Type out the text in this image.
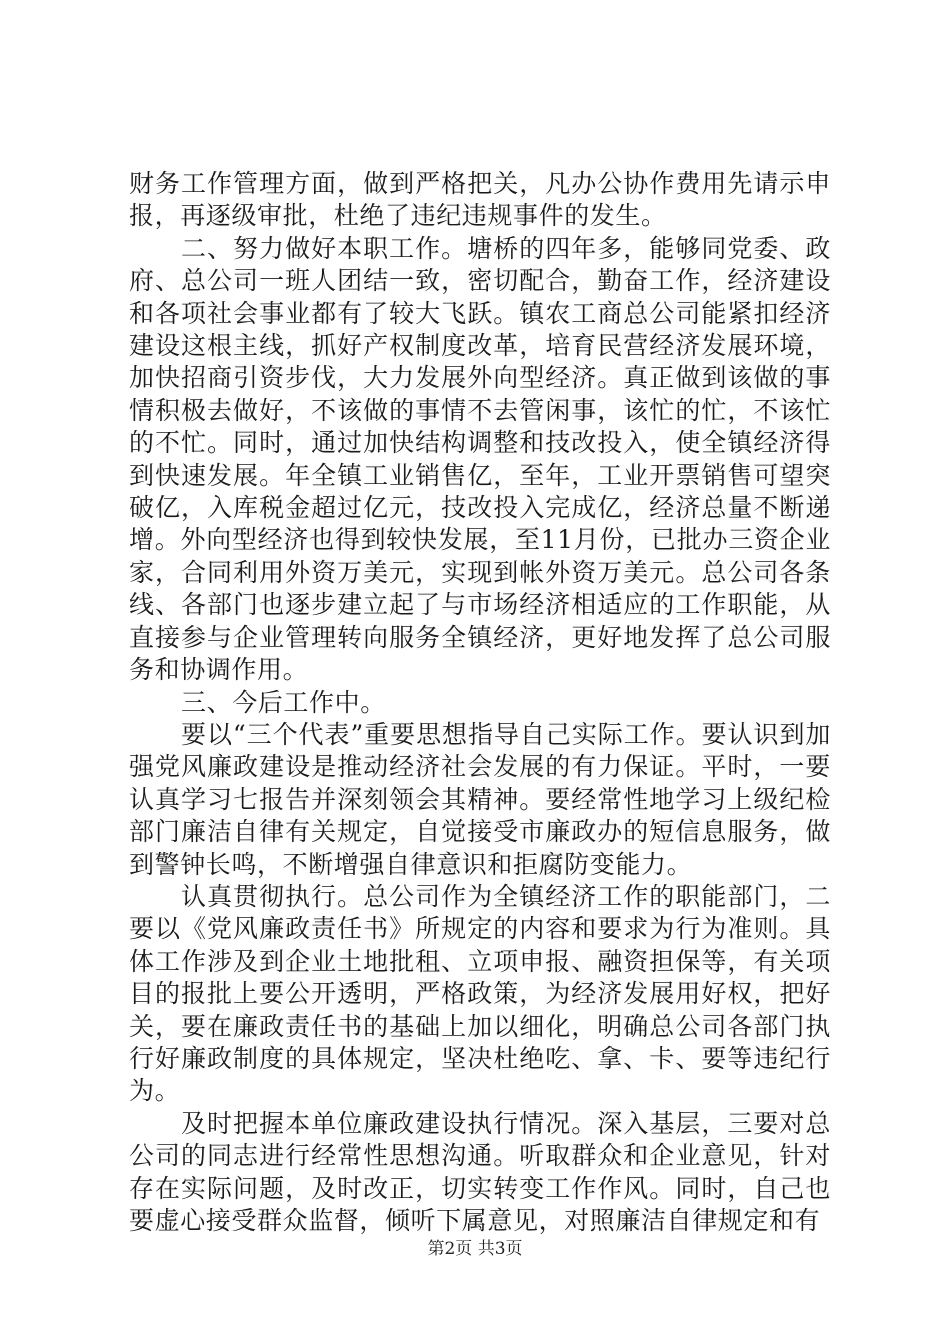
财务工作管理方面，做到严格把关，凡办公协作费用先请示申报，再逐级审批，杜绝了违纪违规事件的发生。

二、努力做好本职工作。塘桥的四年多，能够同党委、政府、总公司一班人团结一致，密切配合，勤奋工作，经济建设和各项社会事业都有了较大飞跃。镇农工商总公司能紧扣经济建设这根主线，抓好产权制度改革，培育民营经济发展环境，加快招商引资步伐，大力发展外向型经济。真正做到该做的事情积极去做好，不该做的事情不去管闲事，该忙的忙，不该忙的不忙。同时，通过加快结构调整和技改投入，使全镇经济得到快速发展。年全镇工业销售亿，至年，工业开票销售可望突破亿，入库税金超过亿元，技改投入完成亿，经济总量不断递增。外向型经济也得到较快发展，至11月份，已批办三资企业家，合同利用外资万美元，实现到帐外资万美元。总公司各条线、各部门也逐步建立起了与市场经济相适应的工作职能，从直接参与企业管理转向服务全镇经济，更好地发挥了总公司服务和协调作用。

三、今后工作中。

要以“三个代表”重要思想指导自己实际工作。要认识到加强党风廉政建设是推动经济社会发展的有力保证。平时，一要认真学习七报告并深刻领会其精神。要经常性地学习上级纪检部门廉洁自律有关规定，自觉接受市廉政办的短信息服务，做到警钟长鸣，不断增强自律意识和拒腐防变能力。

认真贯彻执行。总公司作为全镇经济工作的职能部门，二要以《党风廉政责任书》所规定的内容和要求为行为准则。具体工作涉及到企业土地批租、立项申报、融资担保等，有关项目的报批上要公开透明，严格政策，为经济发展用好权，把好关，要在廉政责任书的基础上加以细化，明确总公司各部门执行好廉政制度的具体规定，坚决杜绝吃、拿、卡、要等违纪行为。

及时把握本单位廉政建设执行情况。深入基层，三要对总公司的同志进行经常性思想沟通。听取群众和企业意见，针对存在实际问题，及时改正，切实转变工作作风。同时，自己也要虚心接受群众监督，倾听下属意见，对照廉洁自律规定和有

第2页 共3页
